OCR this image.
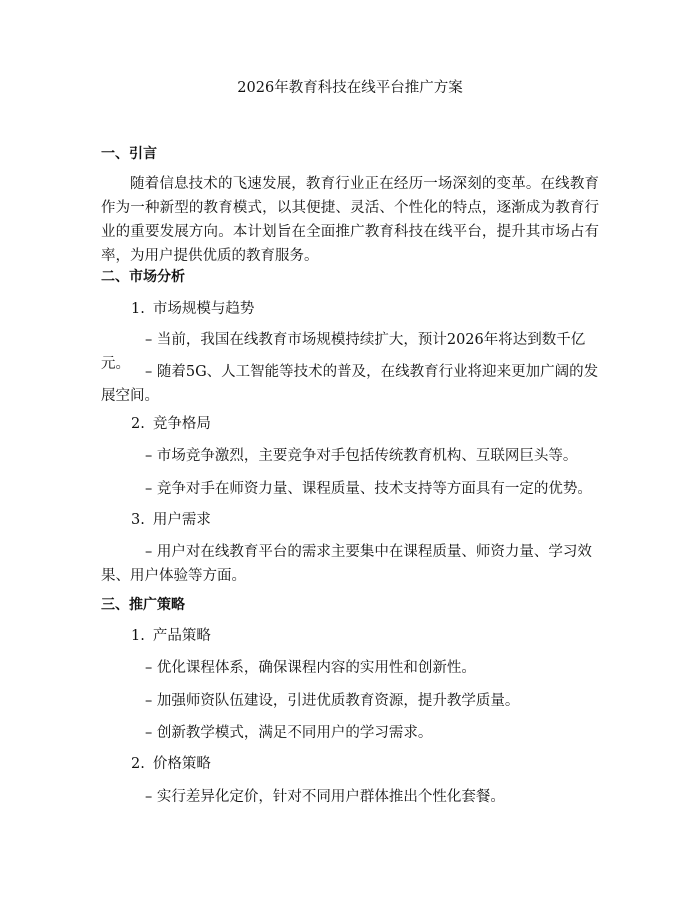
2026年教育科技在线平台推广方案
一、引言
随着信息技术的飞速发展，教育行业正在经历一场深刻的变革。在线教育作为一种新型的教育模式，以其便捷、灵活、个性化的特点，逐渐成为教育行业的重要发展方向。本计划旨在全面推广教育科技在线平台，提升其市场占有率，为用户提供优质的教育服务。
二、市场分析
1. 市场规模与趋势
– 当前，我国在线教育市场规模持续扩大，预计2026年将达到数千亿元。	– 随着5G、人工智能等技术的普及，在线教育行业将迎来更加广阔的发展空间。
2. 竞争格局
– 市场竞争激烈，主要竞争对手包括传统教育机构、互联网巨头等。
– 竞争对手在师资力量、课程质量、技术支持等方面具有一定的优势。
3. 用户需求
– 用户对在线教育平台的需求主要集中在课程质量、师资力量、学习效果、用户体验等方面。
三、推广策略
1. 产品策略
– 优化课程体系，确保课程内容的实用性和创新性。
– 加强师资队伍建设，引进优质教育资源，提升教学质量。
– 创新教学模式，满足不同用户的学习需求。
2. 价格策略
– 实行差异化定价，针对不同用户群体推出个性化套餐。
